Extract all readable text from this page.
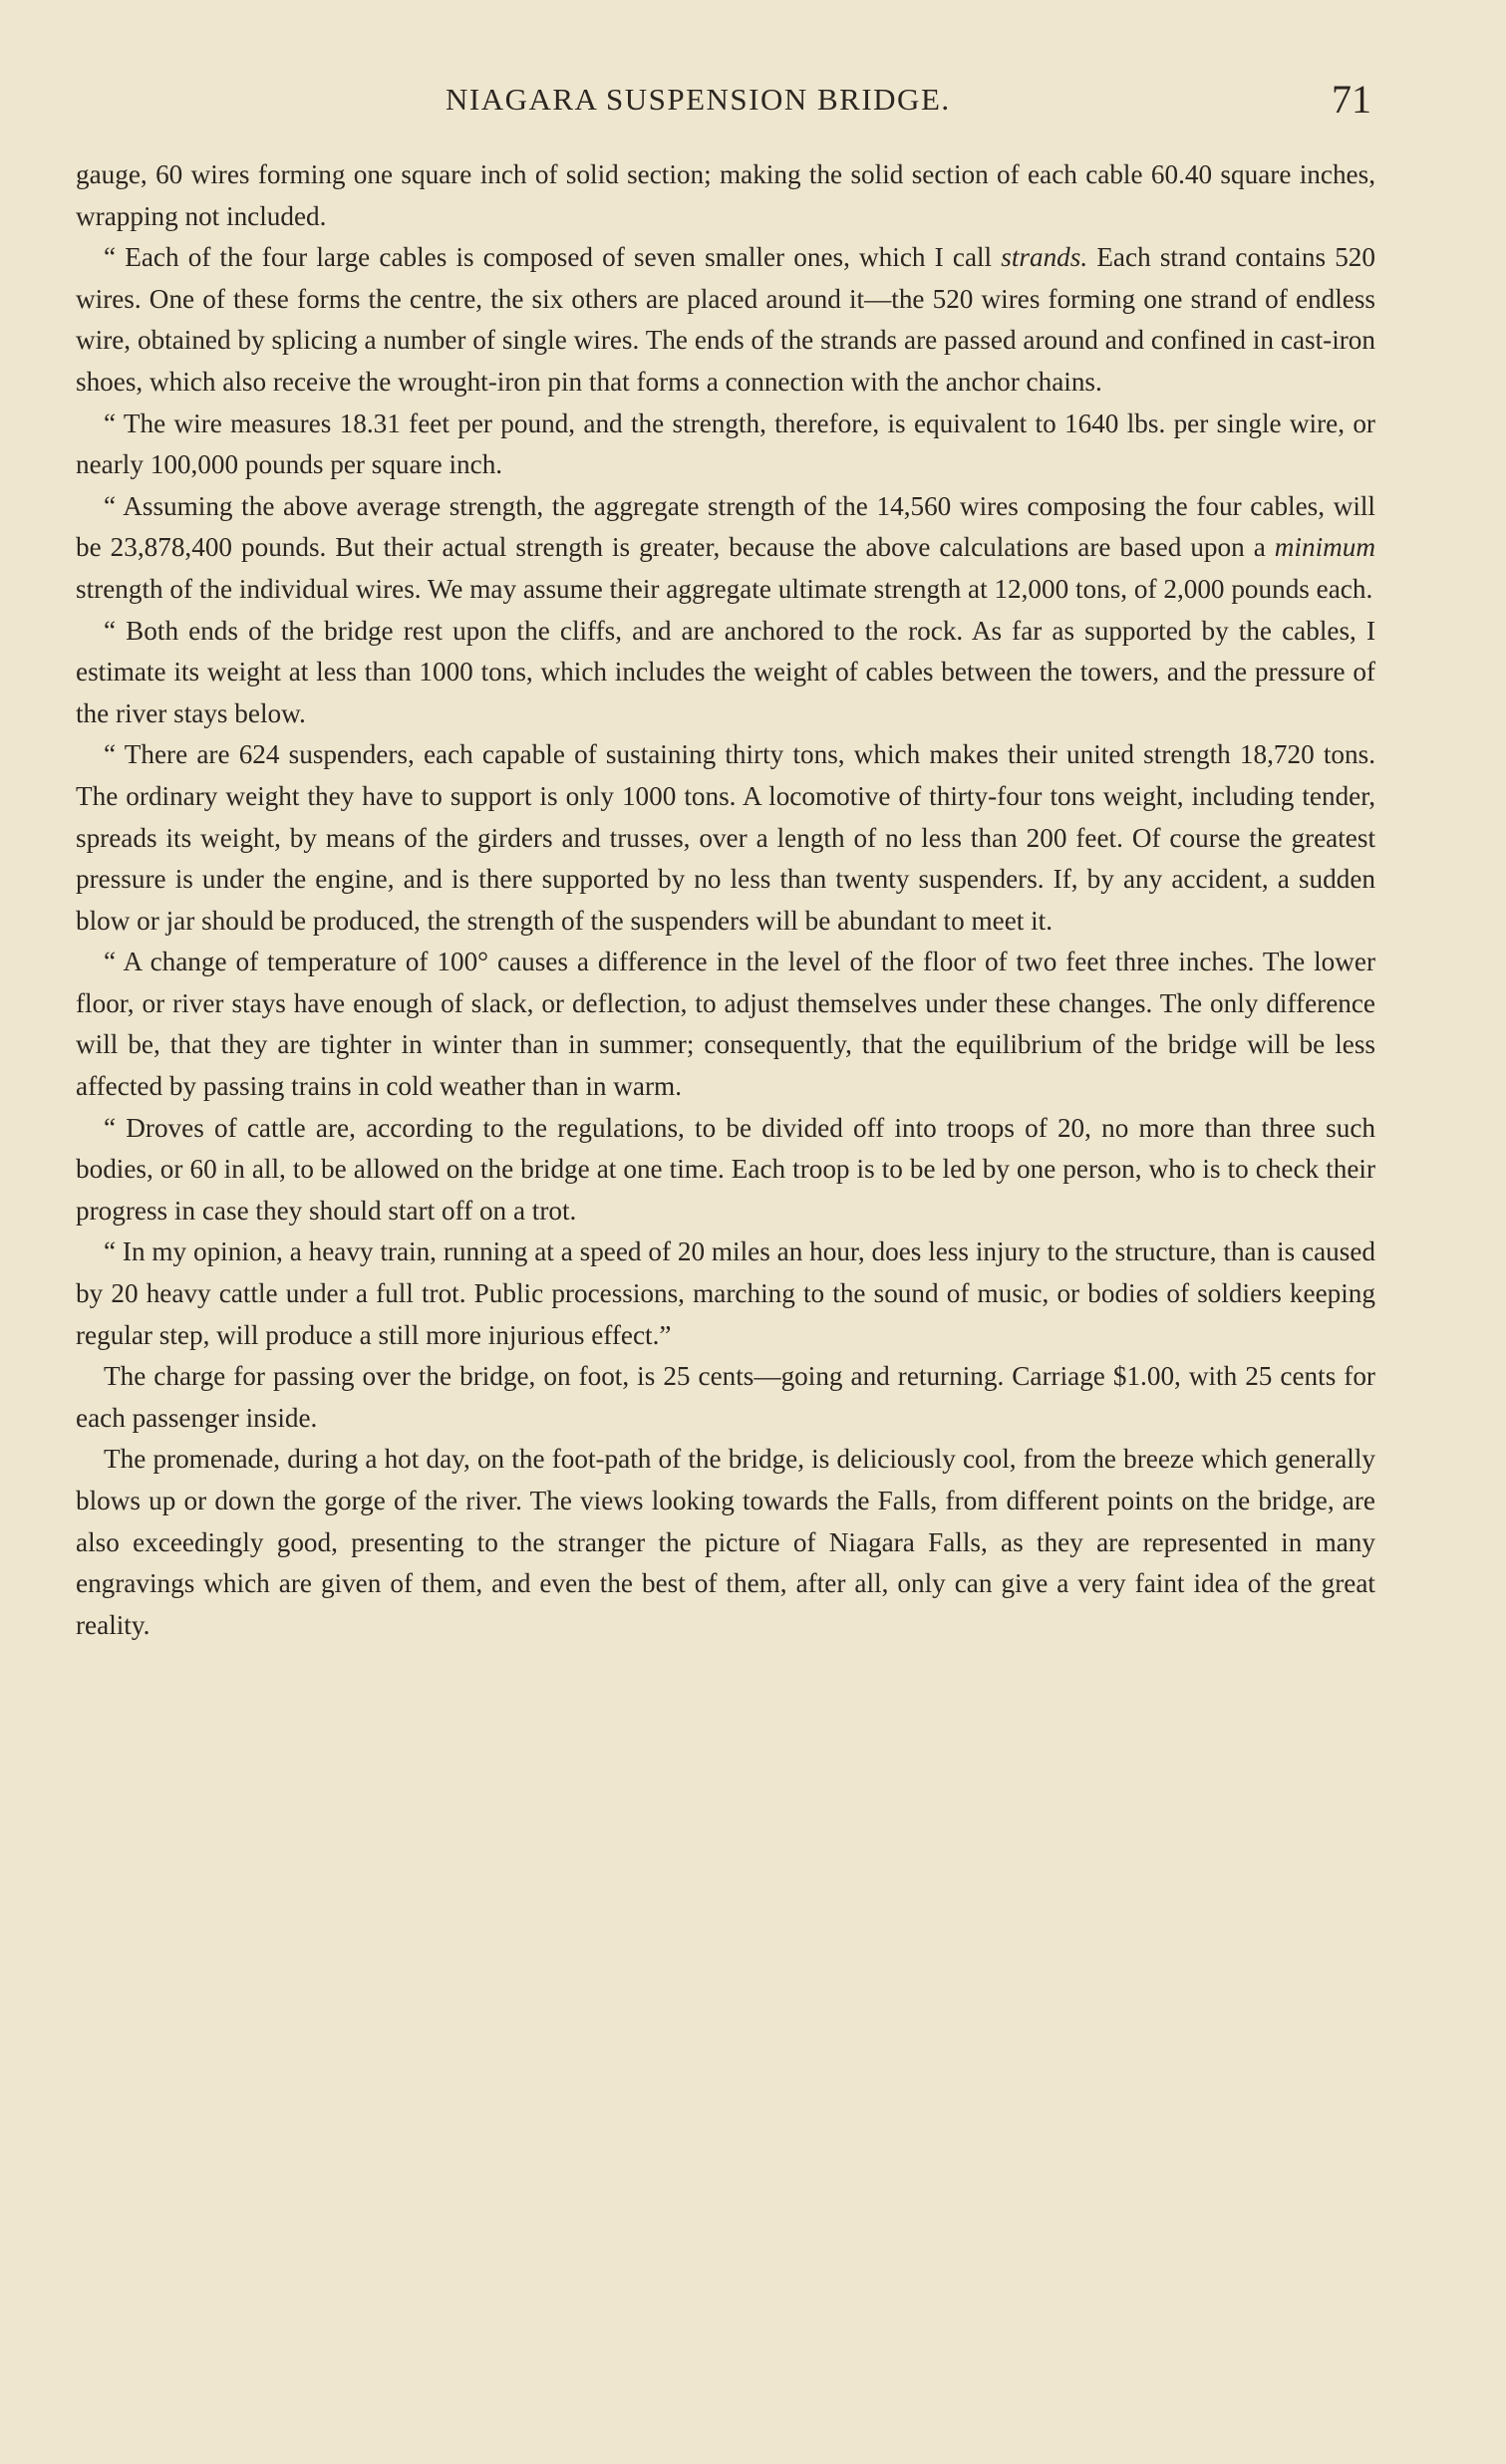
NIAGARA SUSPENSION BRIDGE.	71

gauge, 60 wires forming one square inch of solid section; making the solid section of each cable 60.40 square inches, wrapping not included.

“ Each of the four large cables is composed of seven smaller ones, which I call strands. Each strand contains 520 wires. One of these forms the centre, the six others are placed around it—the 520 wires forming one strand of endless wire, obtained by splicing a number of single wires. The ends of the strands are passed around and confined in cast-iron shoes, which also receive the wrought-iron pin that forms a connection with the anchor chains.

“ The wire measures 18.31 feet per pound, and the strength, therefore, is equivalent to 1640 lbs. per single wire, or nearly 100,000 pounds per square inch.

“ Assuming the above average strength, the aggregate strength of the 14,560 wires composing the four cables, will be 23,878,400 pounds. But their actual strength is greater, because the above calculations are based upon a minimum strength of the individual wires. We may assume their aggregate ultimate strength at 12,000 tons, of 2,000 pounds each.

“ Both ends of the bridge rest upon the cliffs, and are anchored to the rock. As far as supported by the cables, I estimate its weight at less than 1000 tons, which includes the weight of cables between the towers, and the pressure of the river stays below.

“ There are 624 suspenders, each capable of sustaining thirty tons, which makes their united strength 18,720 tons. The ordinary weight they have to support is only 1000 tons. A locomotive of thirty-four tons weight, including tender, spreads its weight, by means of the girders and trusses, over a length of no less than 200 feet. Of course the greatest pressure is under the engine, and is there supported by no less than twenty suspenders. If, by any accident, a sudden blow or jar should be produced, the strength of the suspenders will be abundant to meet it.

“ A change of temperature of 100° causes a difference in the level of the floor of two feet three inches. The lower floor, or river stays have enough of slack, or deflection, to adjust themselves under these changes. The only difference will be, that they are tighter in winter than in summer; consequently, that the equilibrium of the bridge will be less affected by passing trains in cold weather than in warm.

“ Droves of cattle are, according to the regulations, to be divided off into troops of 20, no more than three such bodies, or 60 in all, to be allowed on the bridge at one time. Each troop is to be led by one person, who is to check their progress in case they should start off on a trot.

“ In my opinion, a heavy train, running at a speed of 20 miles an hour, does less injury to the structure, than is caused by 20 heavy cattle under a full trot. Public processions, marching to the sound of music, or bodies of soldiers keeping regular step, will produce a still more injurious effect.”

The charge for passing over the bridge, on foot, is 25 cents—going and returning. Carriage $1.00, with 25 cents for each passenger inside.

The promenade, during a hot day, on the foot-path of the bridge, is deliciously cool, from the breeze which generally blows up or down the gorge of the river. The views looking towards the Falls, from different points on the bridge, are also exceedingly good, presenting to the stranger the picture of Niagara Falls, as they are represented in many engravings which are given of them, and even the best of them, after all, only can give a very faint idea of the great reality.
